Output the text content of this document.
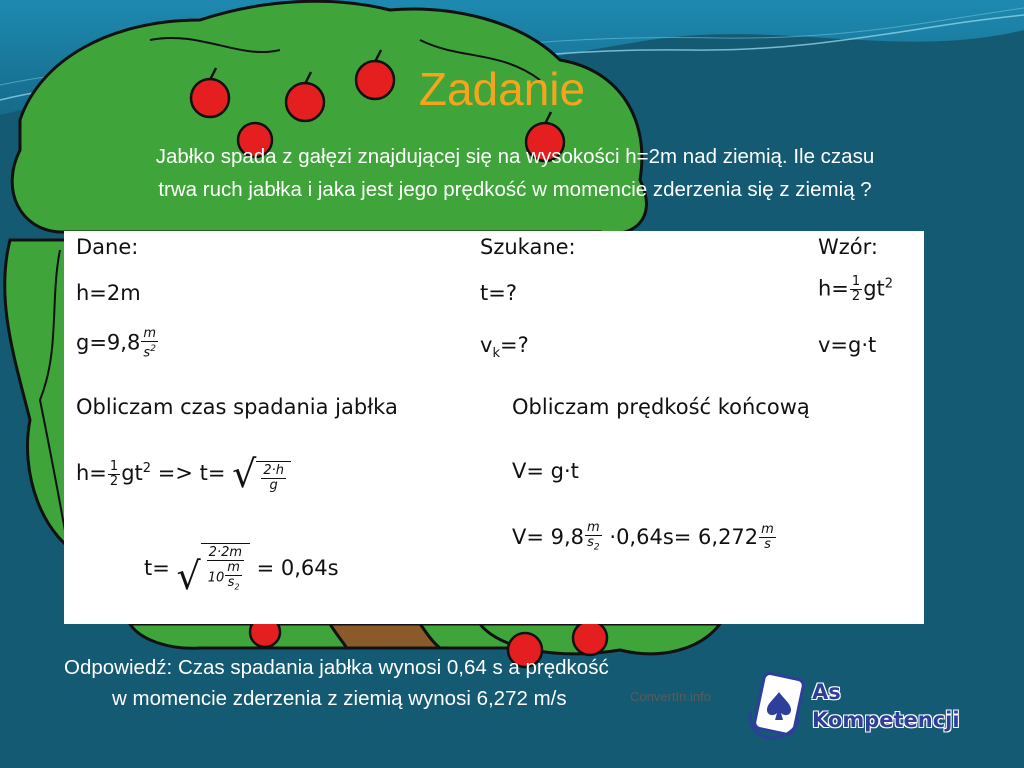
Zadanie
Jabłko spada z gałęzi znajdującej się na wysokości h=2m nad ziemią. Ile czasu
trwa ruch jabłka i jaka jest jego prędkość w momencie zderzenia się z ziemią ?
Dane:	Szukane:	Wzór:
h=2m	t=?	$h= \frac{1}{2} gt^2$
$g=9,8 \frac{m}{s^2}$	$v_k=$?	v=g·t
Obliczam czas spadania jabłka	Obliczam prędkość końcową
$h= \frac{1}{2} gt^2 => t=$ √ $\frac{2\cdot h}{g}$
t= √ $\frac{2\cdot 2m}{10 \frac{m}{s_2}} = 0,64s$
V= g·t
$V= 9,8 \frac{m}{s_2} \cdot 0,64s= 6,272 \frac{m}{s}$
Odpowiedź: Czas spadania jabłka wynosi 0,64 s a prędkość
w momencie zderzenia z ziemią wynosi 6,272 m/s	ConvertIn.info	As
Kompetencji
